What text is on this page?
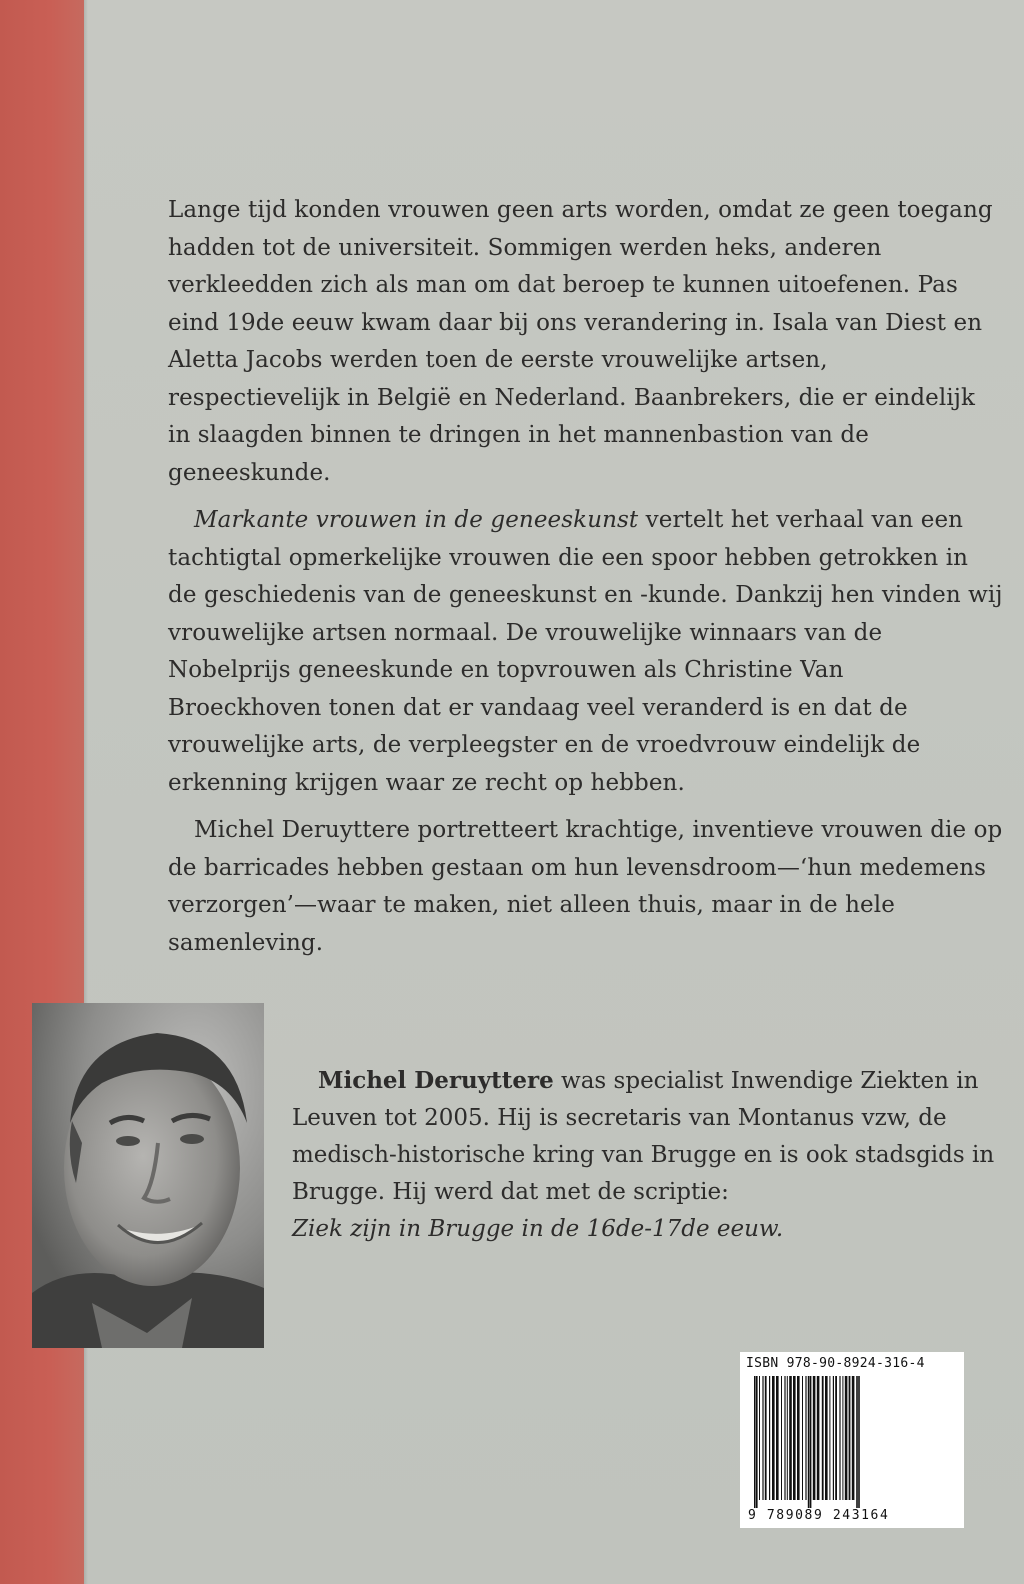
Lange tijd konden vrouwen geen arts worden, omdat ze geen toegang hadden tot de universiteit. Sommigen werden heks, anderen verkleedden zich als man om dat beroep te kunnen uitoefenen. Pas eind 19de eeuw kwam daar bij ons verandering in. Isala van Diest en Aletta Jacobs werden toen de eerste vrouwelijke artsen, respectievelijk in België en Nederland. Baanbrekers, die er eindelijk in slaagden binnen te dringen in het mannenbastion van de geneeskunde.

Markante vrouwen in de geneeskunst vertelt het verhaal van een tachtigtal opmerkelijke vrouwen die een spoor hebben getrokken in de geschiedenis van de geneeskunst en -kunde. Dankzij hen vinden wij vrouwelijke artsen normaal. De vrouwelijke winnaars van de Nobelprijs geneeskunde en topvrouwen als Christine Van Broeckhoven tonen dat er vandaag veel veranderd is en dat de vrouwelijke arts, de verpleegster en de vroedvrouw eindelijk de erkenning krijgen waar ze recht op hebben.

Michel Deruyttere portretteert krachtige, inventieve vrouwen die op de barricades hebben gestaan om hun levensdroom—‘hun medemens verzorgen’—waar te maken, niet alleen thuis, maar in de hele samenleving.

Michel Deruyttere was specialist Inwendige Ziekten in Leuven tot 2005. Hij is secretaris van Montanus vzw, de medisch-historische kring van Brugge en is ook stadsgids in Brugge. Hij werd dat met de scriptie:
Ziek zijn in Brugge in de 16de-17de eeuw.

ISBN 978-90-8924-316-4
9 789089 243164
